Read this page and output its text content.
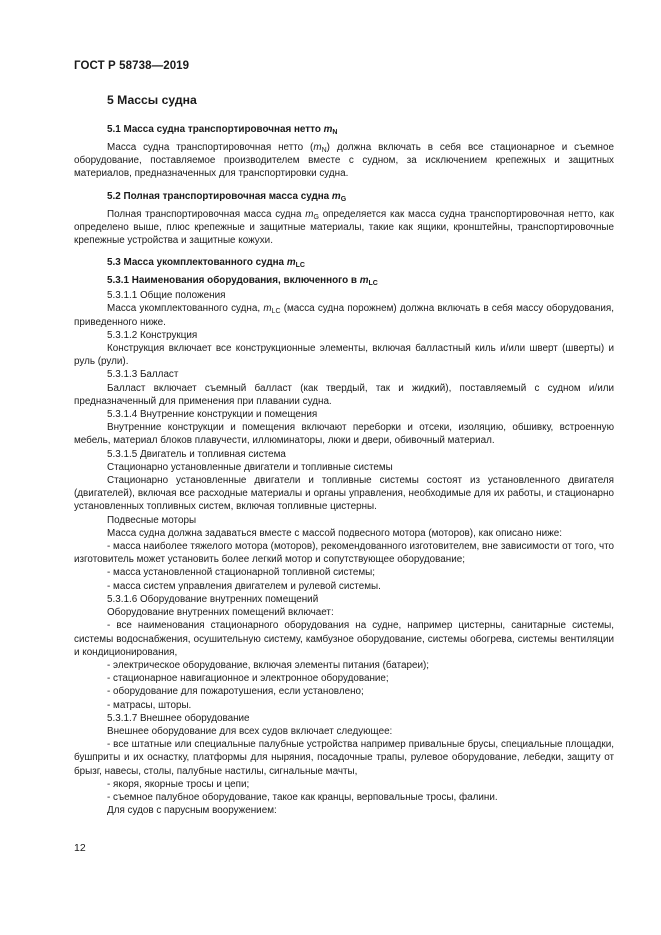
ГОСТ Р 58738—2019

5 Массы судна

5.1 Масса судна транспортировочная нетто $m_N$

Масса судна транспортировочная нетто $(m_N)$ должна включать в себя все стационарное и съемное оборудование, поставляемое производителем вместе с судном, за исключением крепежных и защитных материалов, предназначенных для транспортировки судна.

5.2 Полная транспортировочная масса судна $m_G$

Полная транспортировочная масса судна $m_G$ определяется как масса судна транспортировочная нетто, как определено выше, плюс крепежные и защитные материалы, такие как ящики, кронштейны, транспортировочные крепежные устройства и защитные кожухи.

5.3 Масса укомплектованного судна $m_{LC}$

5.3.1 Наименования оборудования, включенного в $m_{LC}$

5.3.1.1 Общие положения

Масса укомплектованного судна, $m_{LC}$ (масса судна порожнем) должна включать в себя массу оборудования, приведенного ниже.

5.3.1.2 Конструкция

Конструкция включает все конструкционные элементы, включая балластный киль и/или шверт (шверты) и руль (рули).

5.3.1.3 Балласт

Балласт включает съемный балласт (как твердый, так и жидкий), поставляемый с судном и/или предназначенный для применения при плавании судна.

5.3.1.4 Внутренние конструкции и помещения

Внутренние конструкции и помещения включают переборки и отсеки, изоляцию, обшивку, встроенную мебель, материал блоков плавучести, иллюминаторы, люки и двери, обивочный материал.

5.3.1.5 Двигатель и топливная система

Стационарно установленные двигатели и топливные системы

Стационарно установленные двигатели и топливные системы состоят из установленного двигателя (двигателей), включая все расходные материалы и органы управления, необходимые для их работы, и стационарно установленных топливных систем, включая топливные цистерны.

Подвесные моторы

Масса судна должна задаваться вместе с массой подвесного мотора (моторов), как описано ниже:

- масса наиболее тяжелого мотора (моторов), рекомендованного изготовителем, вне зависимости от того, что изготовитель может установить более легкий мотор и сопутствующее оборудование;

- масса установленной стационарной топливной системы;

- масса систем управления двигателем и рулевой системы.

5.3.1.6 Оборудование внутренних помещений

Оборудование внутренних помещений включает:

- все наименования стационарного оборудования на судне, например цистерны, санитарные системы, системы водоснабжения, осушительную систему, камбузное оборудование, системы обогрева, системы вентиляции и кондиционирования,

- электрическое оборудование, включая элементы питания (батареи);

- стационарное навигационное и электронное оборудование;

- оборудование для пожаротушения, если установлено;

- матрасы, шторы.

5.3.1.7 Внешнее оборудование

Внешнее оборудование для всех судов включает следующее:

- все штатные или специальные палубные устройства например привальные брусы, специальные площадки, бушприты и их оснастку, платформы для ныряния, посадочные трапы, рулевое оборудование, лебедки, защиту от брызг, навесы, столы, палубные настилы, сигнальные мачты,

- якоря, якорные тросы и цепи;

- съемное палубное оборудование, такое как кранцы, верповальные тросы, фалини.

Для судов с парусным вооружением:

12
